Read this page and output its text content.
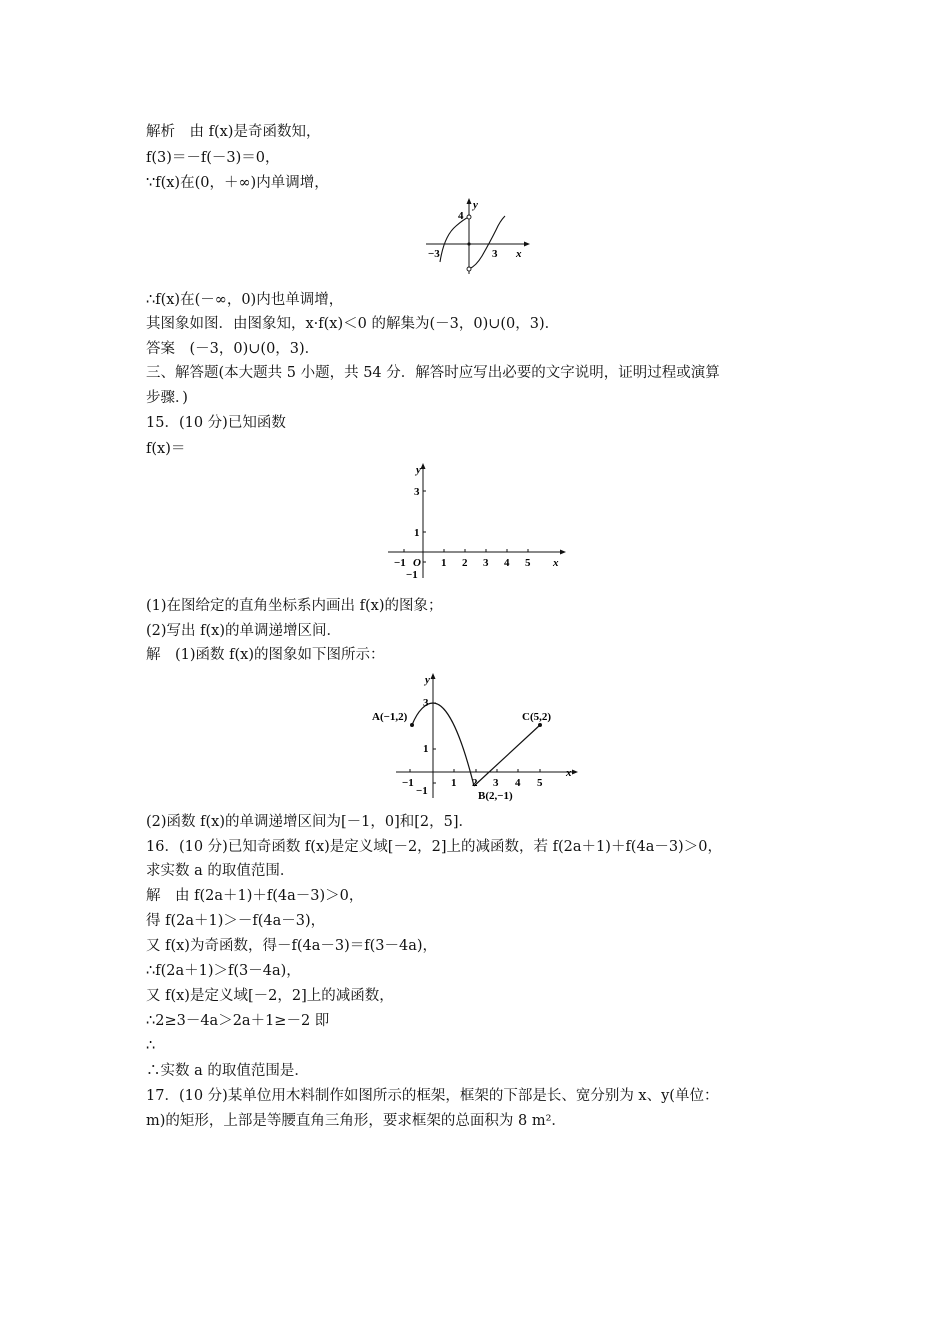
解析　由 f(x)是奇函数知，
f(3)＝－f(－3)＝0，
∵f(x)在(0，＋∞)内单调增，
4
y
−3	3 x
∴f(x)在(－∞，0)内也单调增，
其图象如图．由图象知，x·f(x)＜0 的解集为(－3，0)∪(0，3)．
答案　(－3，0)∪(0，3)．
三、解答题(本大题共 5 小题，共 54 分．解答时应写出必要的文字说明，证明过程或演算
步骤．)
15．(10 分)已知函数
f(x)＝
y
3
1
−1
−1 O 1 2 3 4 5 x
(1)在图给定的直角坐标系内画出 f(x)的图象；
(2)写出 f(x)的单调递增区间．
解　(1)函数 f(x)的图象如下图所示：
y
3
1
−1
−1	1 2 3 4 5
x
A(−1,2)	C(5,2)
B(2,−1)
(2)函数 f(x)的单调递增区间为[－1，0]和[2，5]．
16．(10 分)已知奇函数 f(x)是定义域[－2，2]上的减函数，若 f(2a＋1)＋f(4a－3)＞0，
求实数 a 的取值范围．
解　由 f(2a＋1)＋f(4a－3)＞0，
得 f(2a＋1)＞－f(4a－3)，
又 f(x)为奇函数，得－f(4a－3)＝f(3－4a)，
∴f(2a＋1)＞f(3－4a)，
又 f(x)是定义域[－2，2]上的减函数，
∴2≥3－4a＞2a＋1≥－2 即
∴
∴实数 a 的取值范围是．
17．(10 分)某单位用木料制作如图所示的框架，框架的下部是长、宽分别为 x、y(单位：
m)的矩形，上部是等腰直角三角形，要求框架的总面积为 8 m²．
